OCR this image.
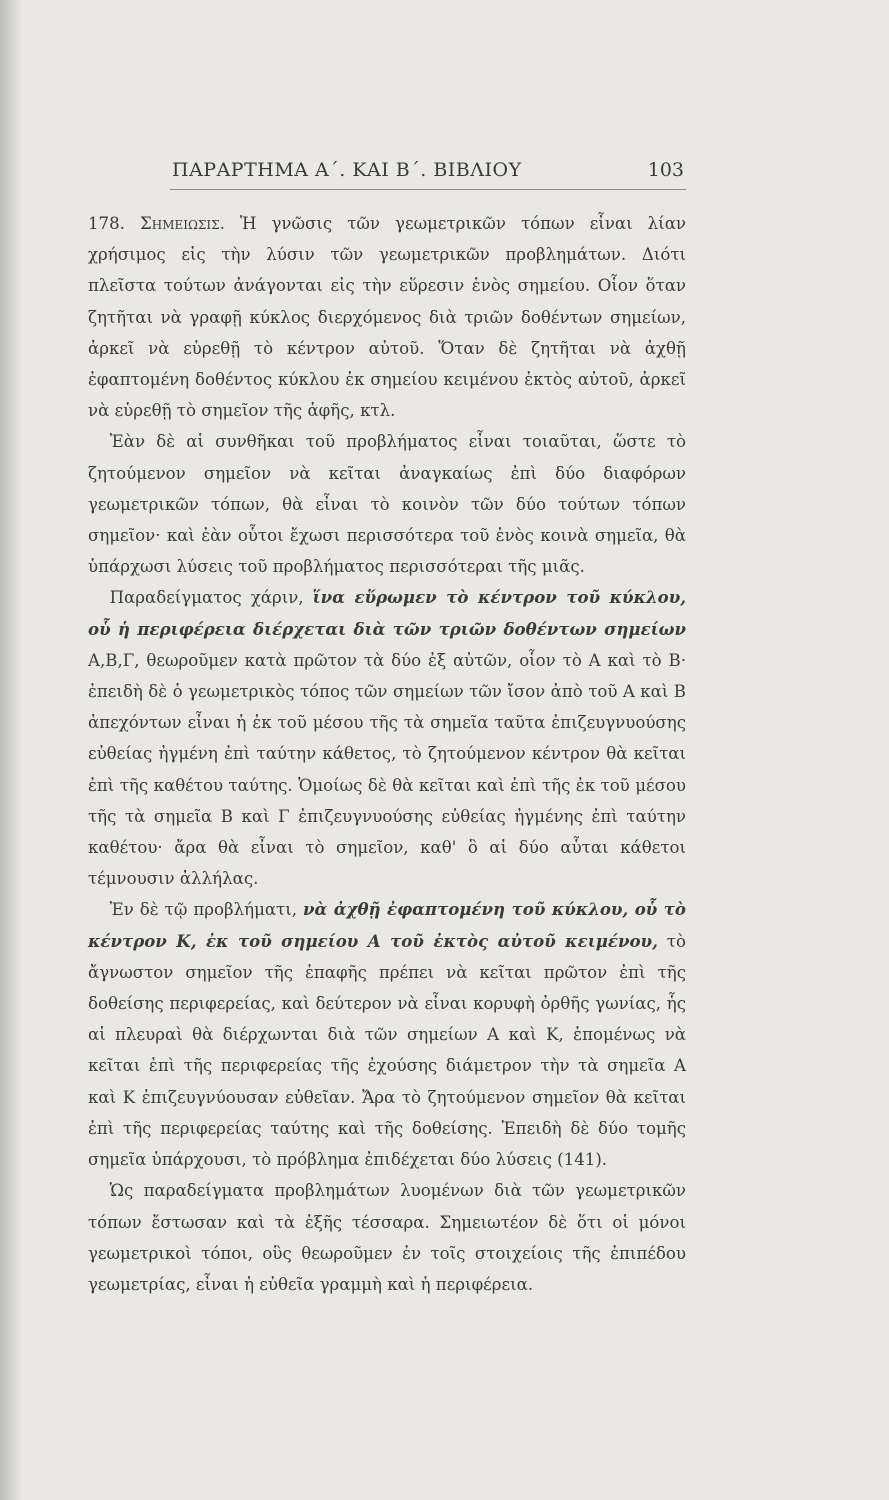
ΠΑΡΑΡΤΗΜΑ Α΄. ΚΑΙ Β΄. ΒΙΒΛΙΟΥ	103

178. Σημειωσις. Ἡ γνῶσις τῶν γεωμετρικῶν τόπων εἶναι λίαν χρήσιμος εἰς τὴν λύσιν τῶν γεωμετρικῶν προβλημάτων. Διότι πλεῖστα τούτων ἀνάγονται εἰς τὴν εὕρεσιν ἑνὸς σημείου. Οἷον ὅταν ζητῆται νὰ γραφῇ κύκλος διερχόμενος διὰ τριῶν δοθέντων σημείων, ἀρκεῖ νὰ εὑρεθῇ τὸ κέντρον αὐτοῦ. Ὅταν δὲ ζητῆται νὰ ἀχθῇ ἐφαπτομένη δοθέντος κύκλου ἐκ σημείου κειμένου ἐκτὸς αὐτοῦ, ἀρκεῖ νὰ εὑρεθῇ τὸ σημεῖον τῆς ἁφῆς, κτλ.

Ἐὰν δὲ αἱ συνθῆκαι τοῦ προβλήματος εἶναι τοιαῦται, ὥστε τὸ ζητούμενον σημεῖον νὰ κεῖται ἀναγκαίως ἐπὶ δύο διαφόρων γεωμετρικῶν τόπων, θὰ εἶναι τὸ κοινὸν τῶν δύο τούτων τόπων σημεῖον· καὶ ἐὰν οὗτοι ἔχωσι περισσότερα τοῦ ἑνὸς κοινὰ σημεῖα, θὰ ὑπάρχωσι λύσεις τοῦ προβλήματος περισσότεραι τῆς μιᾶς.

Παραδείγματος χάριν, ἵνα εὕρωμεν τὸ κέντρον τοῦ κύκλου, οὗ ἡ περιφέρεια διέρχεται διὰ τῶν τριῶν δοθέντων σημείων Α,Β,Γ, θεωροῦμεν κατὰ πρῶτον τὰ δύο ἐξ αὐτῶν, οἷον τὸ Α καὶ τὸ Β· ἐπειδὴ δὲ ὁ γεωμετρικὸς τόπος τῶν σημείων τῶν ἴσον ἀπὸ τοῦ Α καὶ Β ἀπεχόντων εἶναι ἡ ἐκ τοῦ μέσου τῆς τὰ σημεῖα ταῦτα ἐπιζευγνυούσης εὐθείας ἠγμένη ἐπὶ ταύτην κάθετος, τὸ ζητούμενον κέντρον θὰ κεῖται ἐπὶ τῆς καθέτου ταύτης. Ὁμοίως δὲ θὰ κεῖται καὶ ἐπὶ τῆς ἐκ τοῦ μέσου τῆς τὰ σημεῖα Β καὶ Γ ἐπιζευγνυούσης εὐθείας ἠγμένης ἐπὶ ταύτην καθέτου· ἄρα θὰ εἶναι τὸ σημεῖον, καθ' ὃ αἱ δύο αὗται κάθετοι τέμνουσιν ἀλλήλας.

Ἐν δὲ τῷ προβλήματι, νὰ ἀχθῇ ἐφαπτομένη τοῦ κύκλου, οὗ τὸ κέντρον Κ, ἐκ τοῦ σημείου Α τοῦ ἐκτὸς αὐτοῦ κειμένου, τὸ ἄγνωστον σημεῖον τῆς ἐπαφῆς πρέπει νὰ κεῖται πρῶτον ἐπὶ τῆς δοθείσης περιφερείας, καὶ δεύτερον νὰ εἶναι κορυφὴ ὀρθῆς γωνίας, ἧς αἱ πλευραὶ θὰ διέρχωνται διὰ τῶν σημείων Α καὶ Κ, ἑπομένως νὰ κεῖται ἐπὶ τῆς περιφερείας τῆς ἐχούσης διάμετρον τὴν τὰ σημεῖα Α καὶ Κ ἐπιζευγνύουσαν εὐθεῖαν. Ἄρα τὸ ζητούμενον σημεῖον θὰ κεῖται ἐπὶ τῆς περιφερείας ταύτης καὶ τῆς δοθείσης. Ἐπειδὴ δὲ δύο τομῆς σημεῖα ὑπάρχουσι, τὸ πρόβλημα ἐπιδέχεται δύο λύσεις (141).

Ὡς παραδείγματα προβλημάτων λυομένων διὰ τῶν γεωμετρικῶν τόπων ἔστωσαν καὶ τὰ ἑξῆς τέσσαρα. Σημειωτέον δὲ ὅτι οἱ μόνοι γεωμετρικοὶ τόποι, οὓς θεωροῦμεν ἐν τοῖς στοιχείοις τῆς ἐπιπέδου γεωμετρίας, εἶναι ἡ εὐθεῖα γραμμὴ καὶ ἡ περιφέρεια.
